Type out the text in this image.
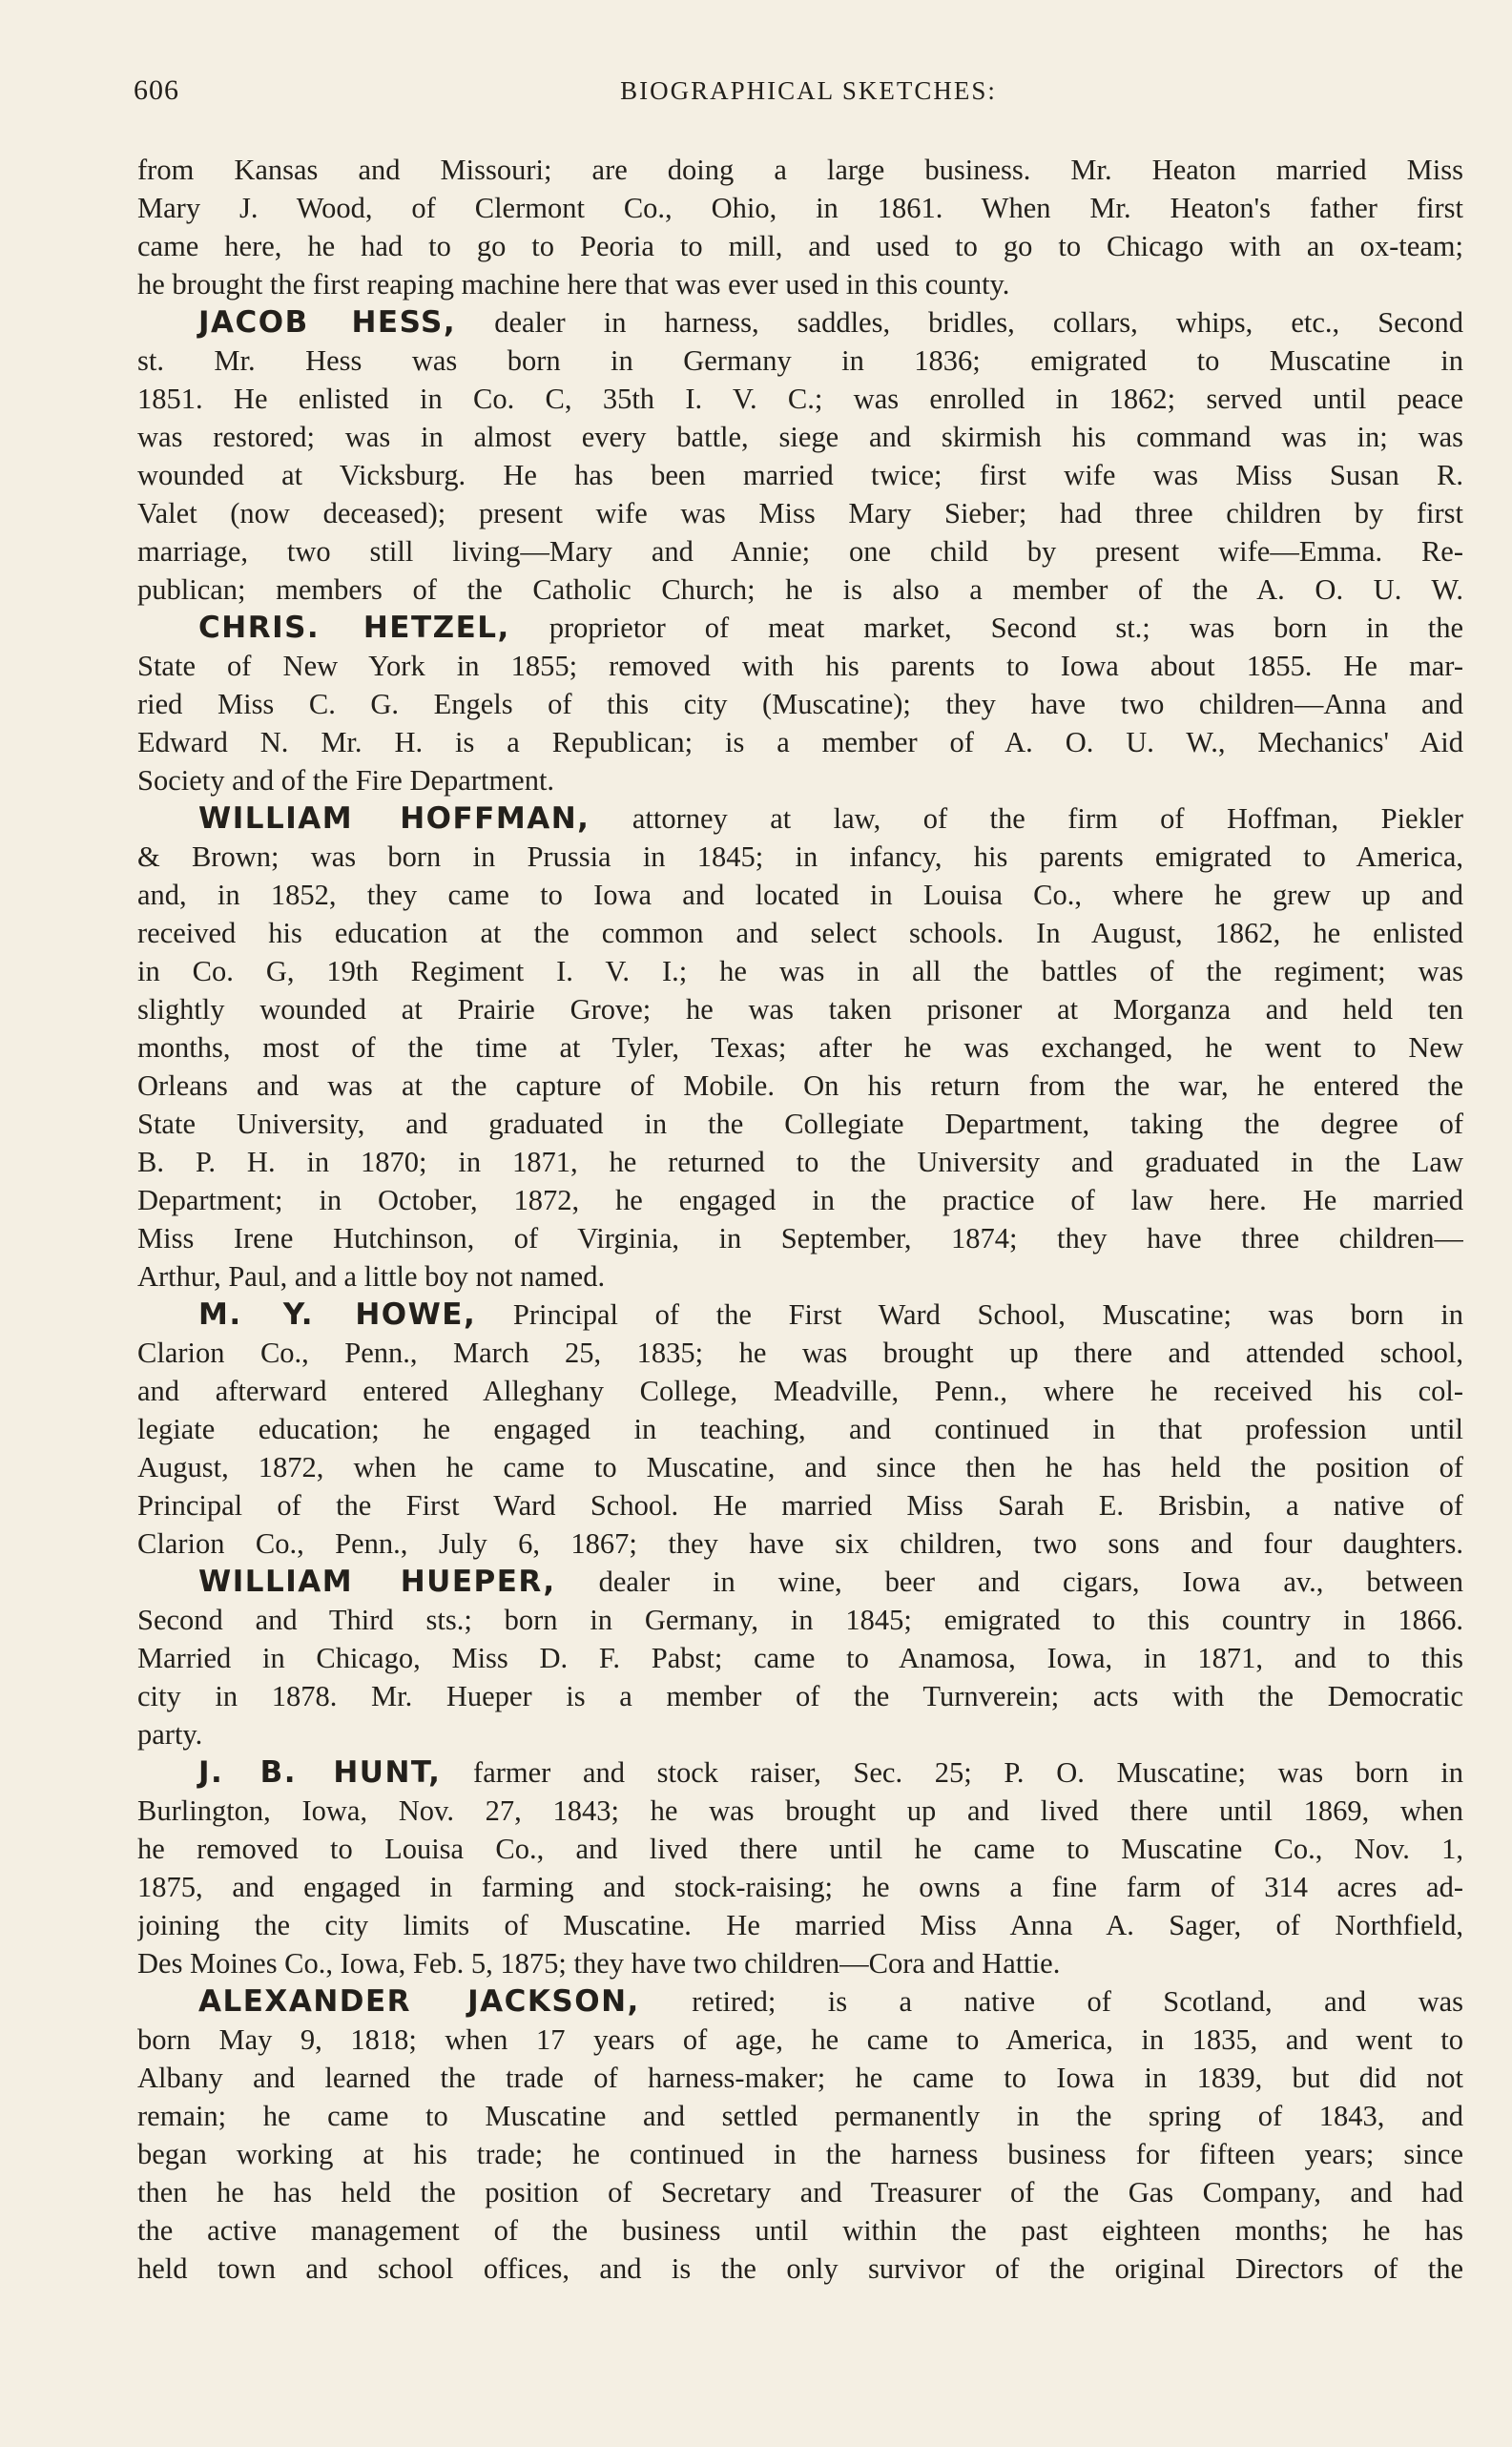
606	BIOGRAPHICAL SKETCHES:
from Kansas and Missouri; are doing a large business. Mr. Heaton married Miss
Mary J. Wood, of Clermont Co., Ohio, in 1861. When Mr. Heaton's father first
came here, he had to go to Peoria to mill, and used to go to Chicago with an ox-team;
he brought the first reaping machine here that was ever used in this county.
JACOB HESS, dealer in harness, saddles, bridles, collars, whips, etc., Second
st. Mr. Hess was born in Germany in 1836; emigrated to Muscatine in
1851. He enlisted in Co. C, 35th I. V. C.; was enrolled in 1862; served until peace
was restored; was in almost every battle, siege and skirmish his command was in; was
wounded at Vicksburg. He has been married twice; first wife was Miss Susan R.
Valet (now deceased); present wife was Miss Mary Sieber; had three children by first
marriage, two still living—Mary and Annie; one child by present wife—Emma. Re-
publican; members of the Catholic Church; he is also a member of the A. O. U. W.
CHRIS. HETZEL, proprietor of meat market, Second st.; was born in the
State of New York in 1855; removed with his parents to Iowa about 1855. He mar-
ried Miss C. G. Engels of this city (Muscatine); they have two children—Anna and
Edward N. Mr. H. is a Republican; is a member of A. O. U. W., Mechanics' Aid
Society and of the Fire Department.
WILLIAM HOFFMAN, attorney at law, of the firm of Hoffman, Piekler
& Brown; was born in Prussia in 1845; in infancy, his parents emigrated to America,
and, in 1852, they came to Iowa and located in Louisa Co., where he grew up and
received his education at the common and select schools. In August, 1862, he enlisted
in Co. G, 19th Regiment I. V. I.; he was in all the battles of the regiment; was
slightly wounded at Prairie Grove; he was taken prisoner at Morganza and held ten
months, most of the time at Tyler, Texas; after he was exchanged, he went to New
Orleans and was at the capture of Mobile. On his return from the war, he entered the
State University, and graduated in the Collegiate Department, taking the degree of
B. P. H. in 1870; in 1871, he returned to the University and graduated in the Law
Department; in October, 1872, he engaged in the practice of law here. He married
Miss Irene Hutchinson, of Virginia, in September, 1874; they have three children—
Arthur, Paul, and a little boy not named.
M. Y. HOWE, Principal of the First Ward School, Muscatine; was born in
Clarion Co., Penn., March 25, 1835; he was brought up there and attended school,
and afterward entered Alleghany College, Meadville, Penn., where he received his col-
legiate education; he engaged in teaching, and continued in that profession until
August, 1872, when he came to Muscatine, and since then he has held the position of
Principal of the First Ward School. He married Miss Sarah E. Brisbin, a native of
Clarion Co., Penn., July 6, 1867; they have six children, two sons and four daughters.
WILLIAM HUEPER, dealer in wine, beer and cigars, Iowa av., between
Second and Third sts.; born in Germany, in 1845; emigrated to this country in 1866.
Married in Chicago, Miss D. F. Pabst; came to Anamosa, Iowa, in 1871, and to this
city in 1878. Mr. Hueper is a member of the Turnverein; acts with the Democratic
party.
J. B. HUNT, farmer and stock raiser, Sec. 25; P. O. Muscatine; was born in
Burlington, Iowa, Nov. 27, 1843; he was brought up and lived there until 1869, when
he removed to Louisa Co., and lived there until he came to Muscatine Co., Nov. 1,
1875, and engaged in farming and stock-raising; he owns a fine farm of 314 acres ad-
joining the city limits of Muscatine. He married Miss Anna A. Sager, of Northfield,
Des Moines Co., Iowa, Feb. 5, 1875; they have two children—Cora and Hattie.
ALEXANDER JACKSON, retired; is a native of Scotland, and was
born May 9, 1818; when 17 years of age, he came to America, in 1835, and went to
Albany and learned the trade of harness-maker; he came to Iowa in 1839, but did not
remain; he came to Muscatine and settled permanently in the spring of 1843, and
began working at his trade; he continued in the harness business for fifteen years; since
then he has held the position of Secretary and Treasurer of the Gas Company, and had
the active management of the business until within the past eighteen months; he has
held town and school offices, and is the only survivor of the original Directors of the
